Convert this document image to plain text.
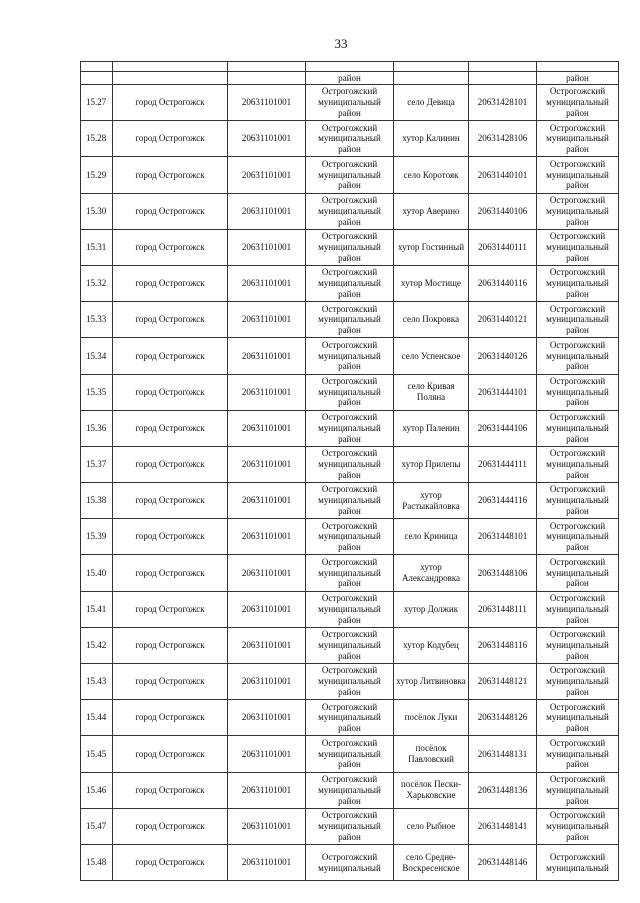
33

			район			район
15.27	город Острогожск	20631101001	Острогожский муниципальный район	село Девица	20631428101	Острогожский муниципальный район
15.28	город Острогожск	20631101001	Острогожский муниципальный район	хутор Калинин	20631428106	Острогожский муниципальный район
15.29	город Острогожск	20631101001	Острогожский муниципальный район	село Коротояк	20631440101	Острогожский муниципальный район
15.30	город Острогожск	20631101001	Острогожский муниципальный район	хутор Аверино	20631440106	Острогожский муниципальный район
15.31	город Острогожск	20631101001	Острогожский муниципальный район	хутор Гостинный	20631440111	Острогожский муниципальный район
15.32	город Острогожск	20631101001	Острогожский муниципальный район	хутор Мостище	20631440116	Острогожский муниципальный район
15.33	город Острогожск	20631101001	Острогожский муниципальный район	село Покровка	20631440121	Острогожский муниципальный район
15.34	город Острогожск	20631101001	Острогожский муниципальный район	село Успенское	20631440126	Острогожский муниципальный район
15.35	город Острогожск	20631101001	Острогожский муниципальный район	село Кривая Поляна	20631444101	Острогожский муниципальный район
15.36	город Острогожск	20631101001	Острогожский муниципальный район	хутор Паленин	20631444106	Острогожский муниципальный район
15.37	город Острогожск	20631101001	Острогожский муниципальный район	хутор Прилепы	20631444111	Острогожский муниципальный район
15.38	город Острогожск	20631101001	Острогожский муниципальный район	хутор Растыкайловка	20631444116	Острогожский муниципальный район
15.39	город Острогожск	20631101001	Острогожский муниципальный район	село Криница	20631448101	Острогожский муниципальный район
15.40	город Острогожск	20631101001	Острогожский муниципальный район	хутор Александровка	20631448106	Острогожский муниципальный район
15.41	город Острогожск	20631101001	Острогожский муниципальный район	хутор Должик	20631448111	Острогожский муниципальный район
15.42	город Острогожск	20631101001	Острогожский муниципальный район	хутор Кодубец	20631448116	Острогожский муниципальный район
15.43	город Острогожск	20631101001	Острогожский муниципальный район	хутор Литвиновка	20631448121	Острогожский муниципальный район
15.44	город Острогожск	20631101001	Острогожский муниципальный район	посёлок Луки	20631448126	Острогожский муниципальный район
15.45	город Острогожск	20631101001	Острогожский муниципальный район	посёлок Павловский	20631448131	Острогожский муниципальный район
15.46	город Острогожск	20631101001	Острогожский муниципальный район	посёлок Пески-Харьковские	20631448136	Острогожский муниципальный район
15.47	город Острогожск	20631101001	Острогожский муниципальный район	село Рыбное	20631448141	Острогожский муниципальный район
15.48	город Острогожск	20631101001	Острогожский муниципальный	село Средне-Воскресенское	20631448146	Острогожский муниципальный
